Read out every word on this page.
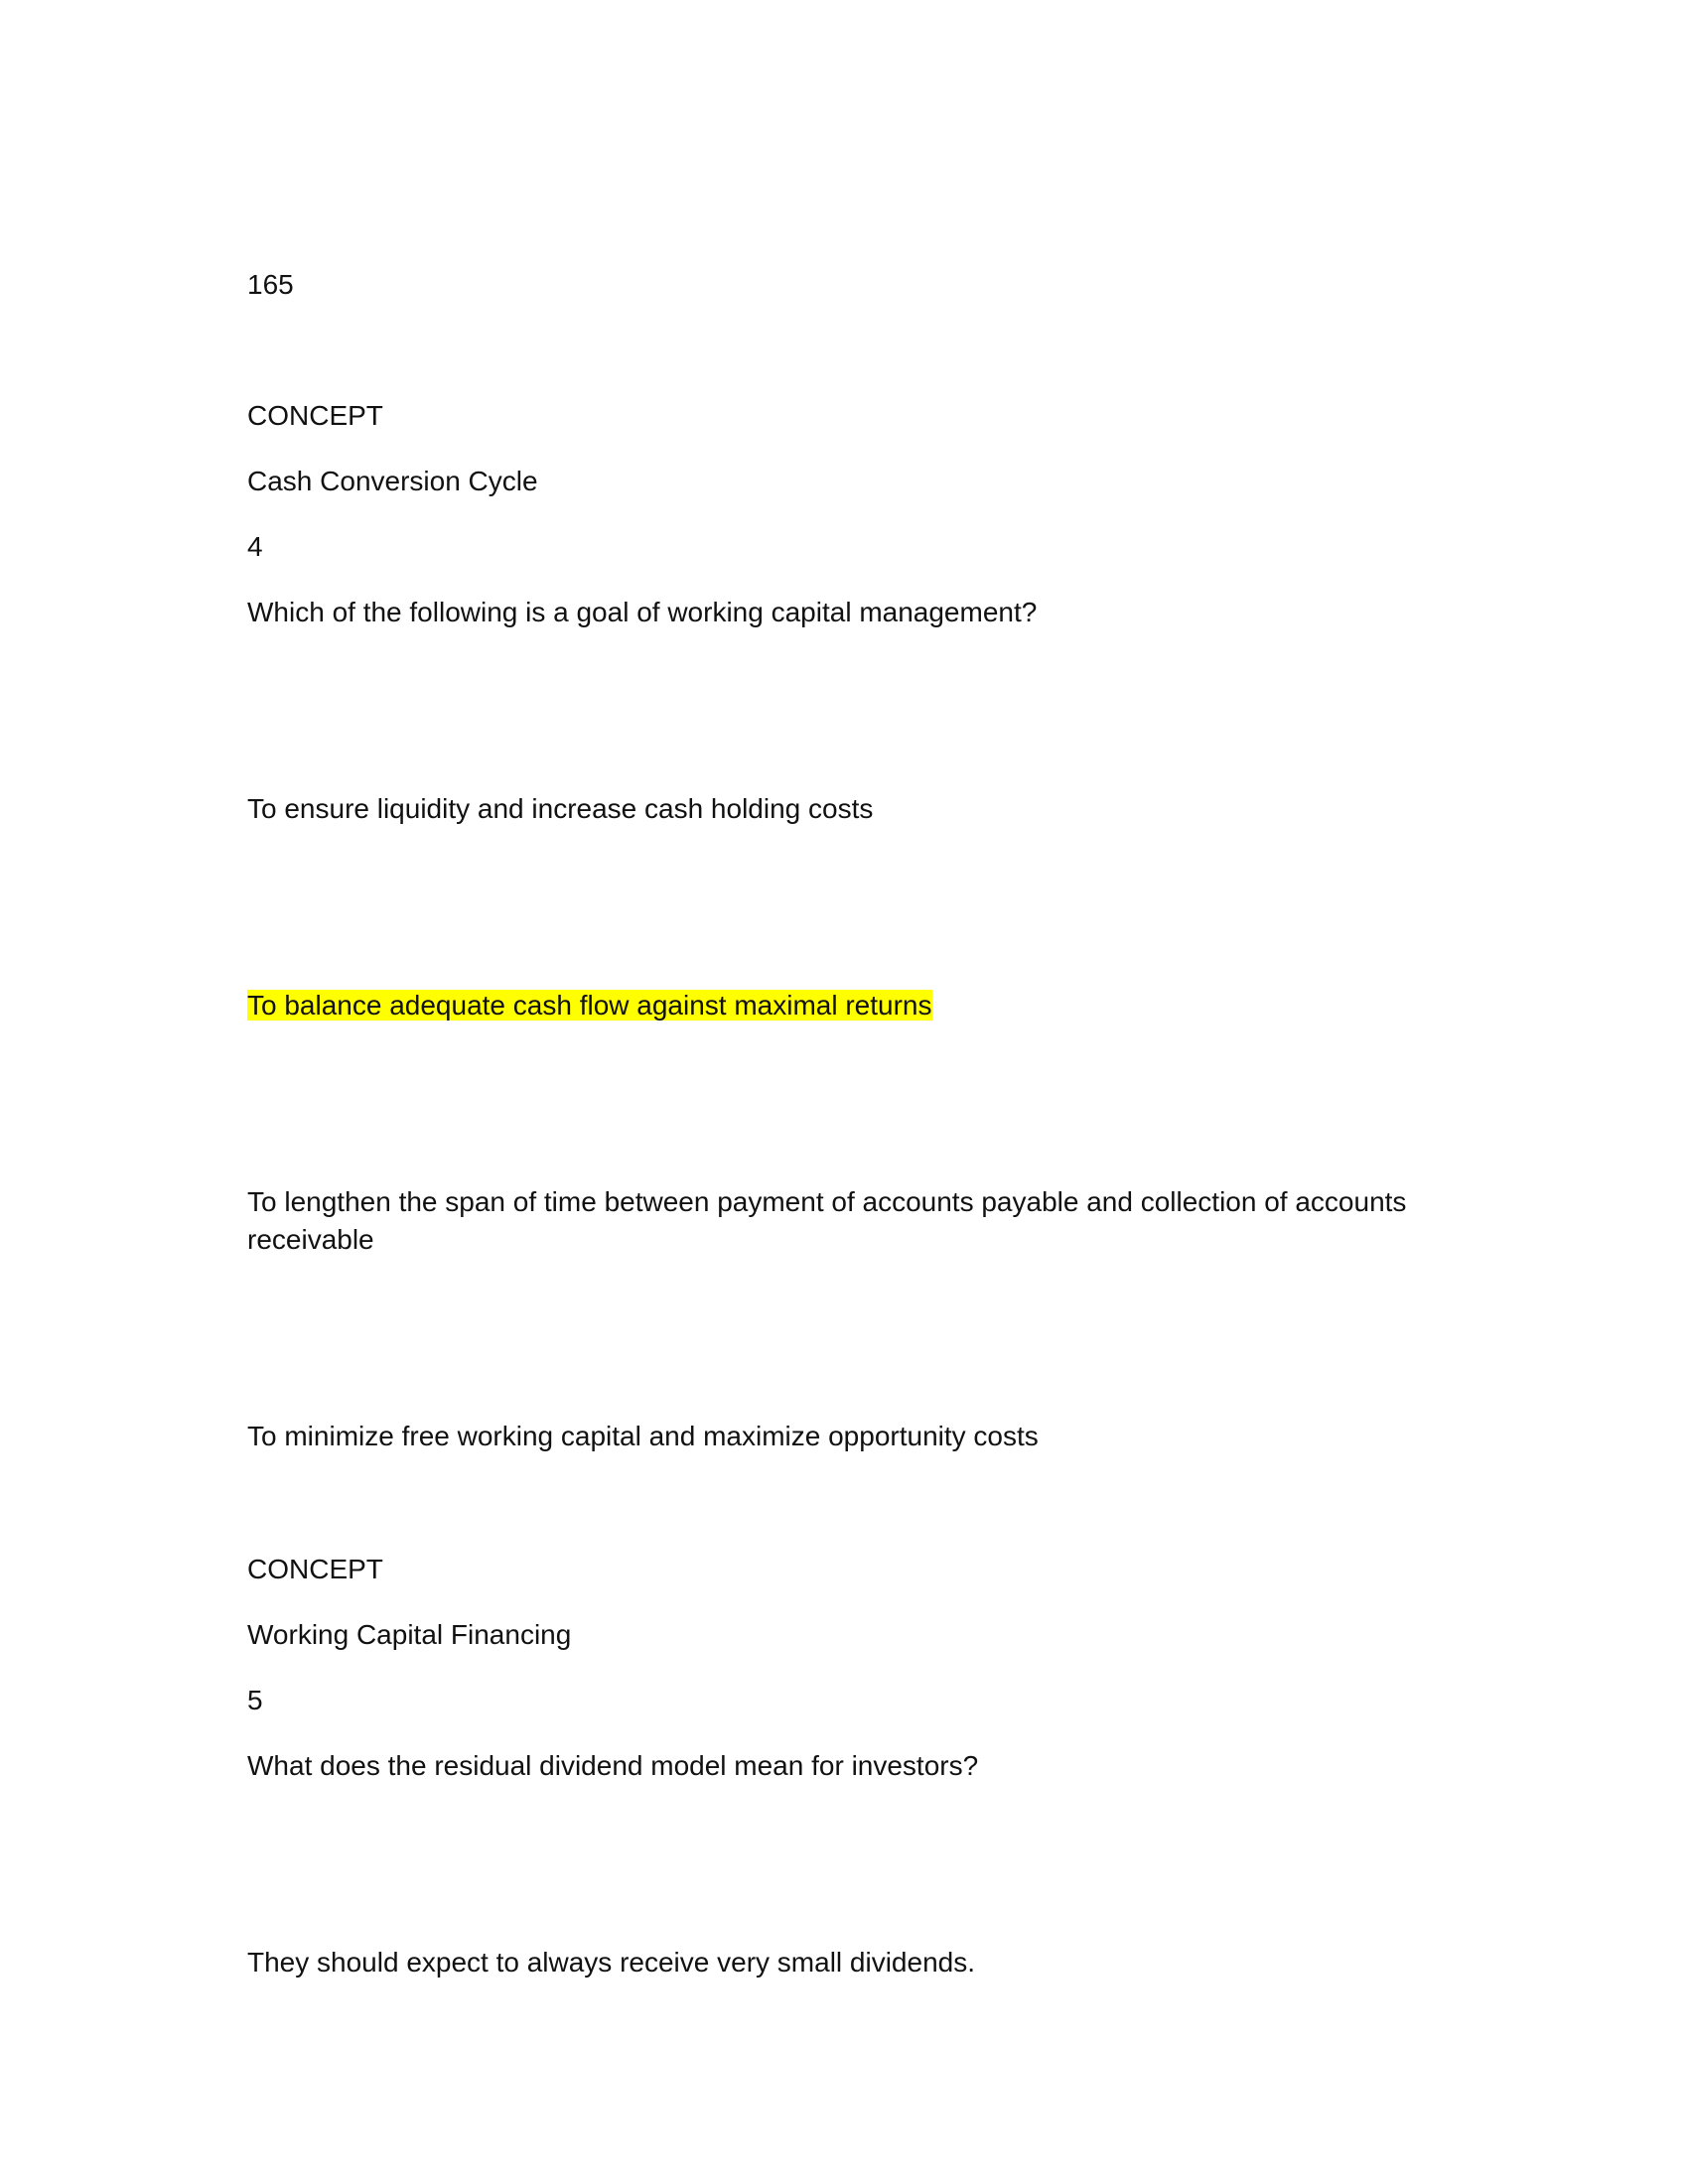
165
CONCEPT
Cash Conversion Cycle
4
Which of the following is a goal of working capital management?
To ensure liquidity and increase cash holding costs
To balance adequate cash flow against maximal returns
To lengthen the span of time between payment of accounts payable and collection of accounts receivable
To minimize free working capital and maximize opportunity costs
CONCEPT
Working Capital Financing
5
What does the residual dividend model mean for investors?
They should expect to always receive very small dividends.
